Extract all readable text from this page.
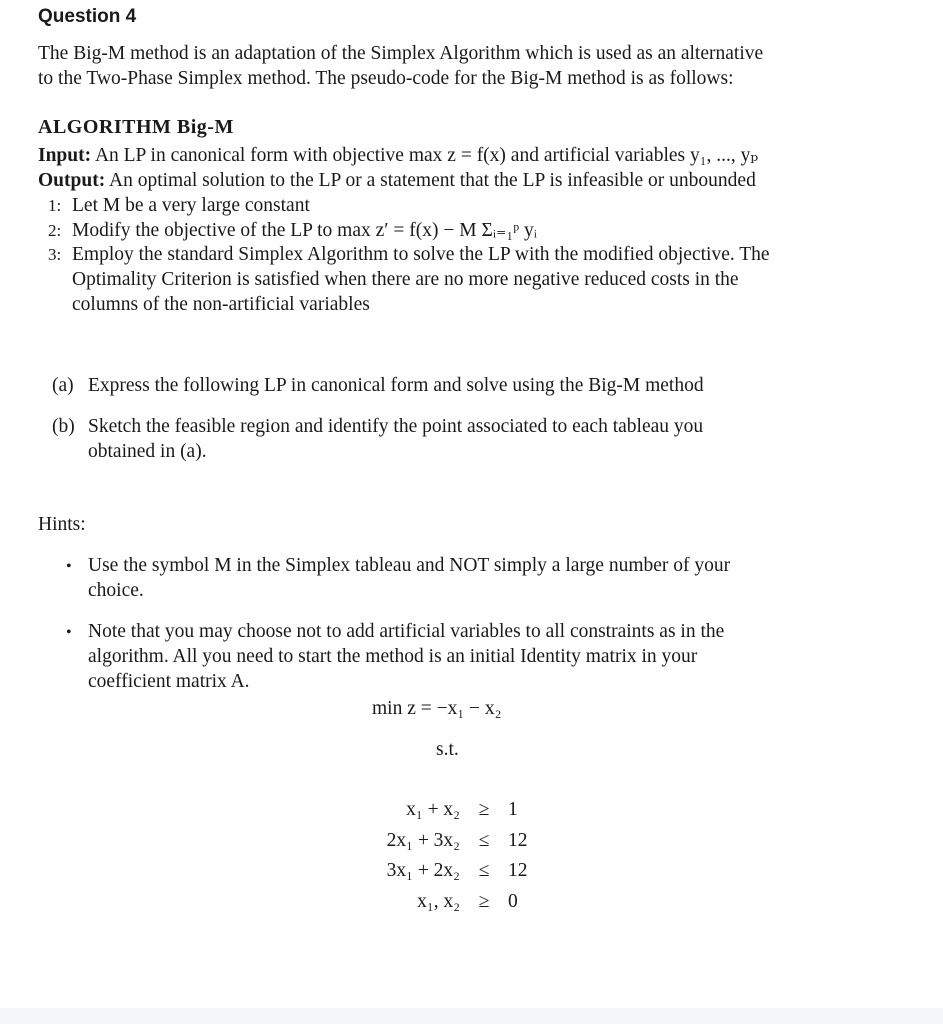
Question 4
The Big-M method is an adaptation of the Simplex Algorithm which is used as an alternative
to the Two-Phase Simplex method. The pseudo-code for the Big-M method is as follows:
ALGORITHM Big-M
Input: An LP in canonical form with objective max z = f(x) and artificial variables y₁, ..., yₚ
Output: An optimal solution to the LP or a statement that the LP is infeasible or unbounded
1: Let M be a very large constant
2: Modify the objective of the LP to max z′ = f(x) − M Σᵢ₌₁ᵖ yᵢ
3: Employ the standard Simplex Algorithm to solve the LP with the modified objective. The
Optimality Criterion is satisfied when there are no more negative reduced costs in the
columns of the non-artificial variables
(a) Express the following LP in canonical form and solve using the Big-M method
(b) Sketch the feasible region and identify the point associated to each tableau you
obtained in (a).
Hints:
• Use the symbol M in the Simplex tableau and NOT simply a large number of your
choice.
• Note that you may choose not to add artificial variables to all constraints as in the
algorithm. All you need to start the method is an initial Identity matrix in your
coefficient matrix A.
min z = −x₁ − x₂
s.t.
x₁ + x₂ ≥ 1
2x₁ + 3x₂ ≤ 12
3x₁ + 2x₂ ≤ 12
x₁, x₂ ≥ 0
